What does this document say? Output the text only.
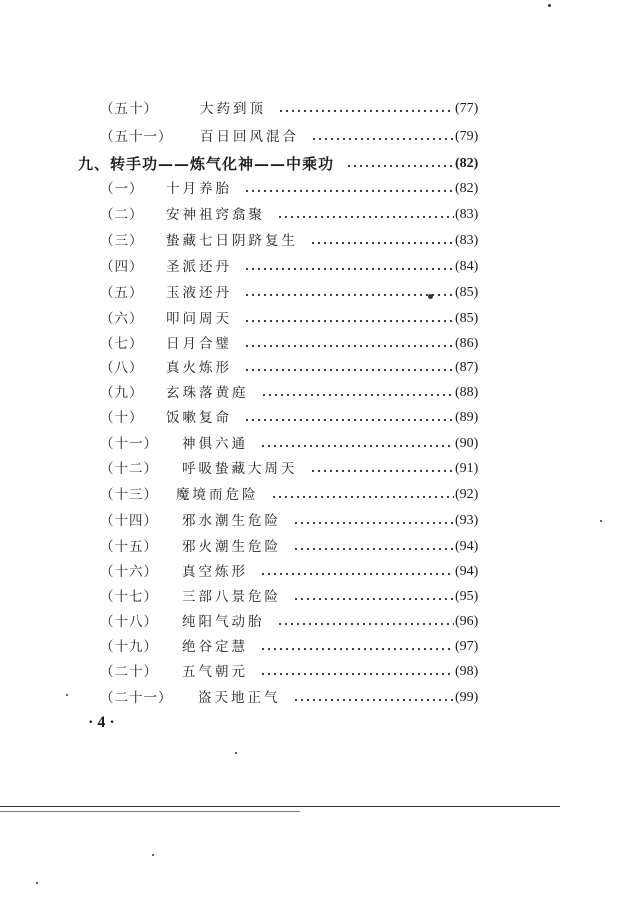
（五十）	大药到顶	(77)
（五十一） 百日回风混合	(79)
九、 转手功——炼气化神——中乘功	(82)
（一） 十月养胎	(82)
（二） 安神祖窍翕聚	(83)
（三） 蛰藏七日阴跻复生	(83)
（四） 圣派还丹	(84)
（五） 玉液还丹	(85)
（六） 叩问周天	(85)
（七） 日月合璧	(86)
（八） 真火炼形	(87)
（九） 玄珠落黄庭	(88)
（十） 饭嗽复命	(89)
（十一） 神俱六通	(90)
（十二） 呼吸蛰藏大周天	(91)
（十三） 魔境而危险	(92)
（十四） 邪水潮生危险	(93)
（十五） 邪火潮生危险	(94)
（十六） 真空炼形	(94)
（十七） 三部八景危险	(95)
（十八） 纯阳气动胎	(96)
（十九） 绝谷定慧	(97)
（二十） 五气朝元	(98)
（二十一） 盗天地正气	(99)
· 4 ·
